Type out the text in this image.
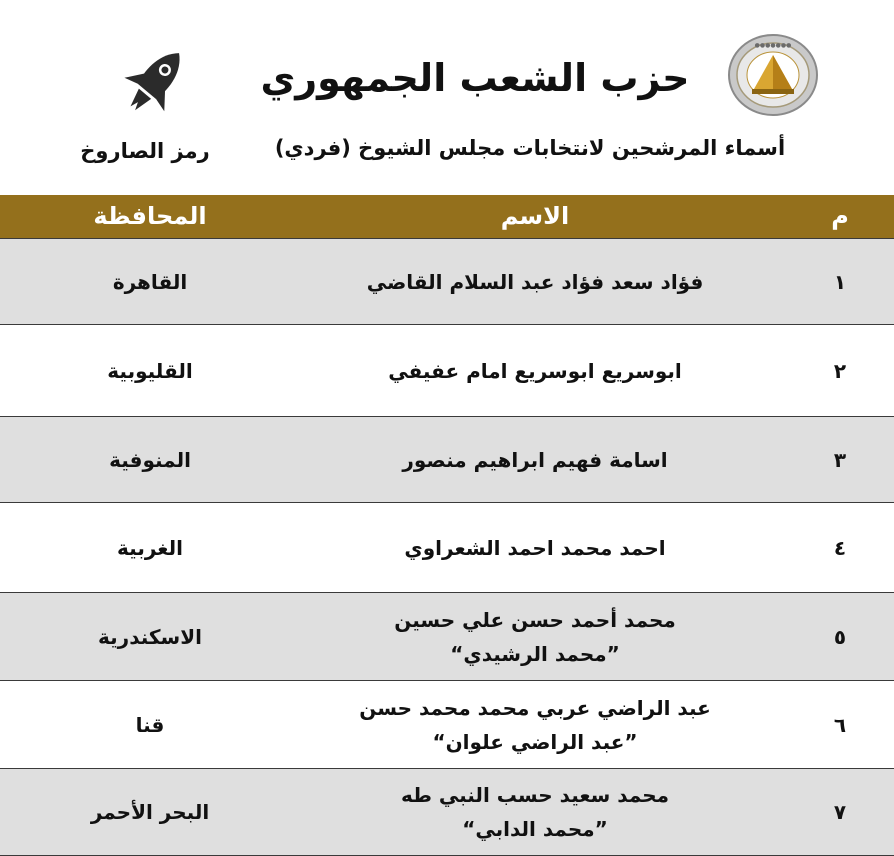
●●●●●●●
حزب الشعب الجمهوري
أسماء المرشحين لانتخابات مجلس الشيوخ (فردي)
رمز الصاروخ
م
الاسم
المحافظة
١
فؤاد سعد فؤاد عبد السلام القاضي
القاهرة
٢
ابوسريع ابوسريع امام عفيفي
القليوبية
٣
اسامة فهيم ابراهيم منصور
المنوفية
٤
احمد محمد احمد الشعراوي
الغربية
٥
محمد أحمد حسن علي حسين
”محمد الرشيدي“
الاسكندرية
٦
عبد الراضي عربي محمد محمد حسن
”عبد الراضي علوان“
قنا
٧
محمد سعيد حسب النبي طه
”محمد الدابي“
البحر الأحمر
